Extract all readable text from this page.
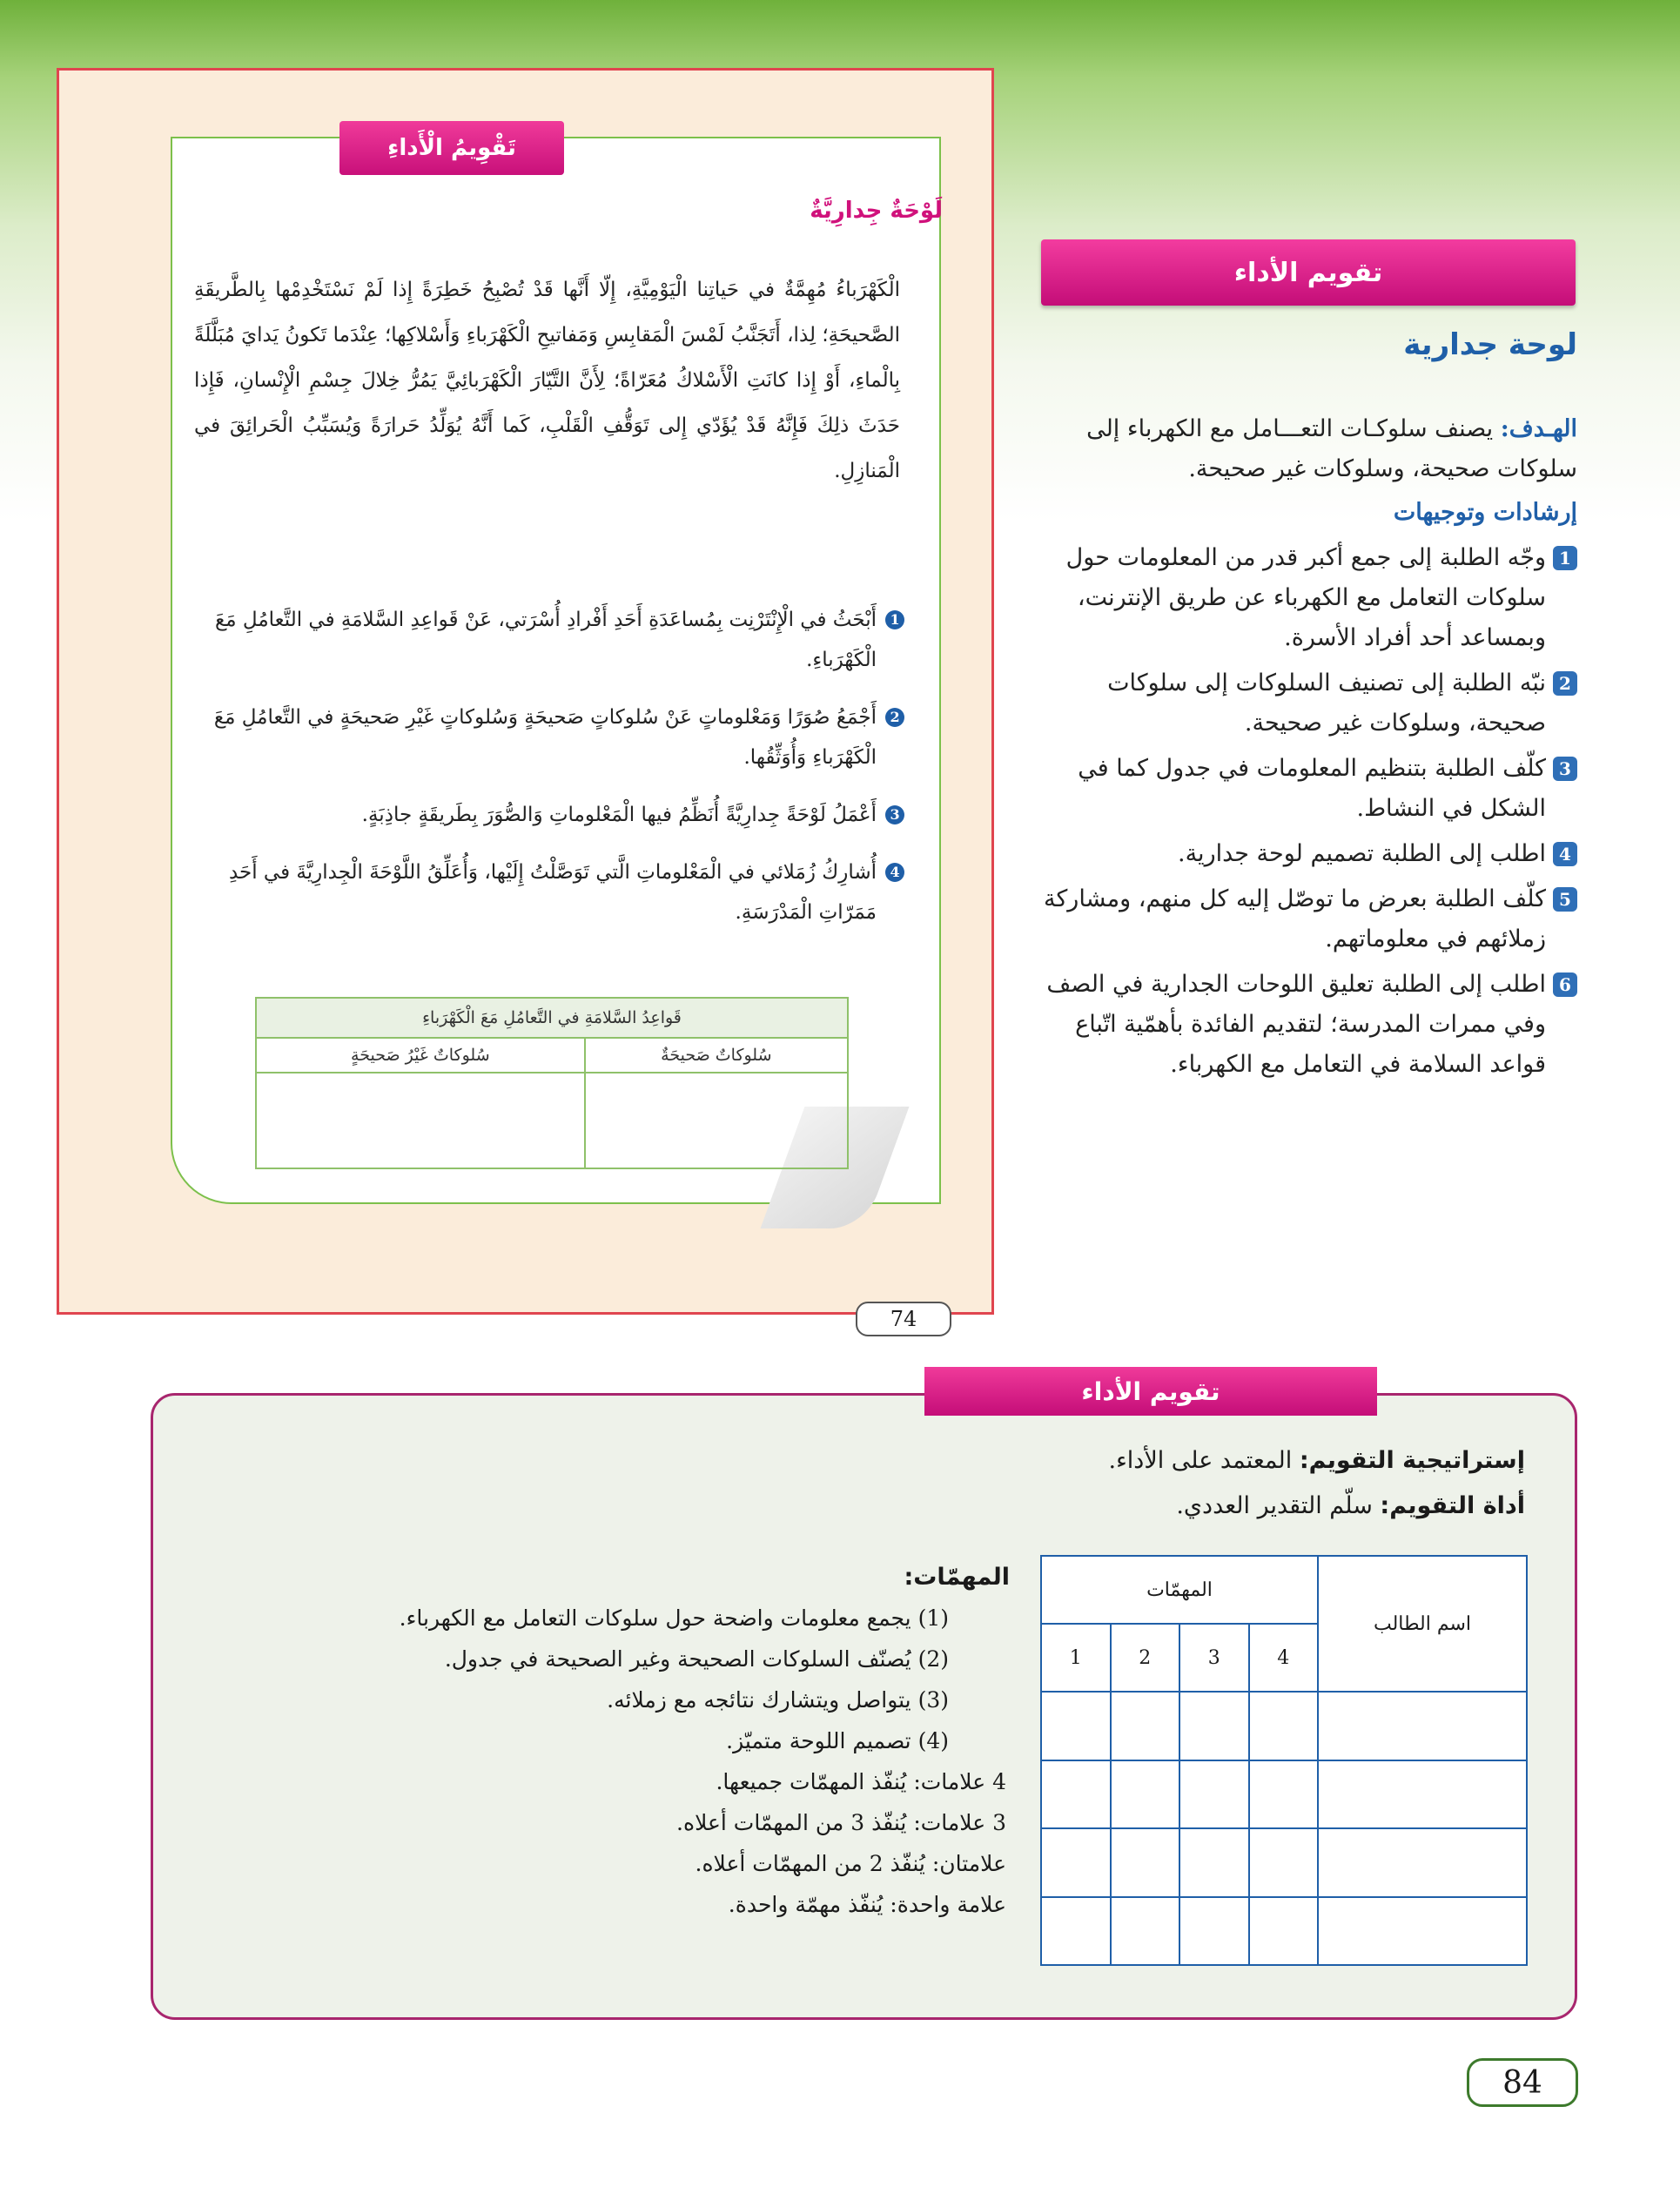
تَقْوِيمُ الْأَداءِ
لَوْحَةٌ جِدارِيَّةٌ
الْكَهْرَباءُ مُهِمَّةٌ في حَياتِنا الْيَوْمِيَّةِ، إِلّا أَنَّها قَدْ تُصْبِحُ خَطِرَةً إِذا لَمْ نَسْتَخْدِمْها بِالطَّريقَةِ الصَّحيحَةِ؛ لِذا، أَتَجَنَّبُ لَمْسَ الْمَقابِسِ وَمَفاتيحِ الْكَهْرَباءِ وَأَسْلاكِها؛ عِنْدَما تَكونُ يَدايَ مُبَلَّلَةً بِالْماءِ، أَوْ إِذا كانَتِ الْأَسْلاكُ مُعَرّاةً؛ لِأَنَّ التَّيّارَ الْكَهْرَبائِيَّ يَمُرُّ خِلالَ جِسْمِ الْإِنْسانِ، فَإِذا حَدَثَ ذلِكَ فَإِنَّهُ قَدْ يُؤَدّي إِلى تَوَقُّفِ الْقَلْبِ، كَما أَنَّهُ يُوَلِّدُ حَرارَةً وَيُسَبِّبُ الْحَرائِقَ في الْمَنازِلِ.
1
أَبْحَثُ في الْإِنْتَرْنِت بِمُساعَدَةِ أَحَدِ أَفْرادِ أُسْرَتي، عَنْ قَواعِدِ السَّلامَةِ في التَّعامُلِ مَعَ الْكَهْرَباءِ.
2
أَجْمَعُ صُوَرًا وَمَعْلوماتٍ عَنْ سُلوكاتٍ صَحيحَةٍ وَسُلوكاتٍ غَيْرِ صَحيحَةٍ في التَّعامُلِ مَعَ الْكَهْرَباءِ وَأُوَثِّقُها.
3
أَعْمَلُ لَوْحَةً جِدارِيَّةً أُنَظِّمُ فيها الْمَعْلوماتِ وَالصُّوَرَ بِطَريقَةٍ جاذِبَةٍ.
4
أُشارِكُ زُمَلائي في الْمَعْلوماتِ الَّتي تَوَصَّلْتُ إِلَيْها، وَأُعَلِّقُ اللَّوْحَةَ الْجِدارِيَّةَ في أَحَدِ مَمَرّاتِ الْمَدْرَسَةِ.
قَواعِدُ السَّلامَةِ في التَّعامُلِ مَعَ الْكَهْرَباءِ	
سُلوكاتٌ صَحيحَةٌ	سُلوكاتٌ غَيْرُ صَحيحَةٍ

74
تقويم الأداء
لوحة جدارية
الهـدف: يصنف سلوكـات التعـــامل مع الكهرباء إلى سلوكات صحيحة، وسلوكات غير صحيحة.
إرشادات وتوجيهات
1
وجّه الطلبة إلى جمع أكبر قدر من المعلومات حول سلوكات التعامل مع الكهرباء عن طريق الإنترنت، وبمساعد أحد أفراد الأسرة.
2
نبّه الطلبة إلى تصنيف السلوكات إلى سلوكات صحيحة، وسلوكات غير صحيحة.
3
كلّف الطلبة بتنظيم المعلومات في جدول كما في الشكل في النشاط.
4
اطلب إلى الطلبة تصميم لوحة جدارية.
5
كلّف الطلبة بعرض ما توصّل إليه كل منهم، ومشاركة زملائهم في معلوماتهم.
6
اطلب إلى الطلبة تعليق اللوحات الجدارية في الصف وفي ممرات المدرسة؛ لتقديم الفائدة بأهمّية اتّباع قواعد السلامة في التعامل مع الكهرباء.
تقويم الأداء
إستراتيجية التقويم: المعتمد على الأداء.
أداة التقويم: سلّم التقدير العددي.
المهمّات:
(1) يجمع معلومات واضحة حول سلوكات التعامل مع الكهرباء.
(2) يُصنّف السلوكات الصحيحة وغير الصحيحة في جدول.
(3) يتواصل ويتشارك نتائجه مع زملائه.
(4) تصميم اللوحة متميّز.
4 علامات: يُنفّذ المهمّات جميعها.
3 علامات: يُنفّذ 3 من المهمّات أعلاه.
علامتان: يُنفّذ 2 من المهمّات أعلاه.
علامة واحدة: يُنفّذ مهمّة واحدة.
اسم الطالب	المهمّات			
	4	3	2	1

84
